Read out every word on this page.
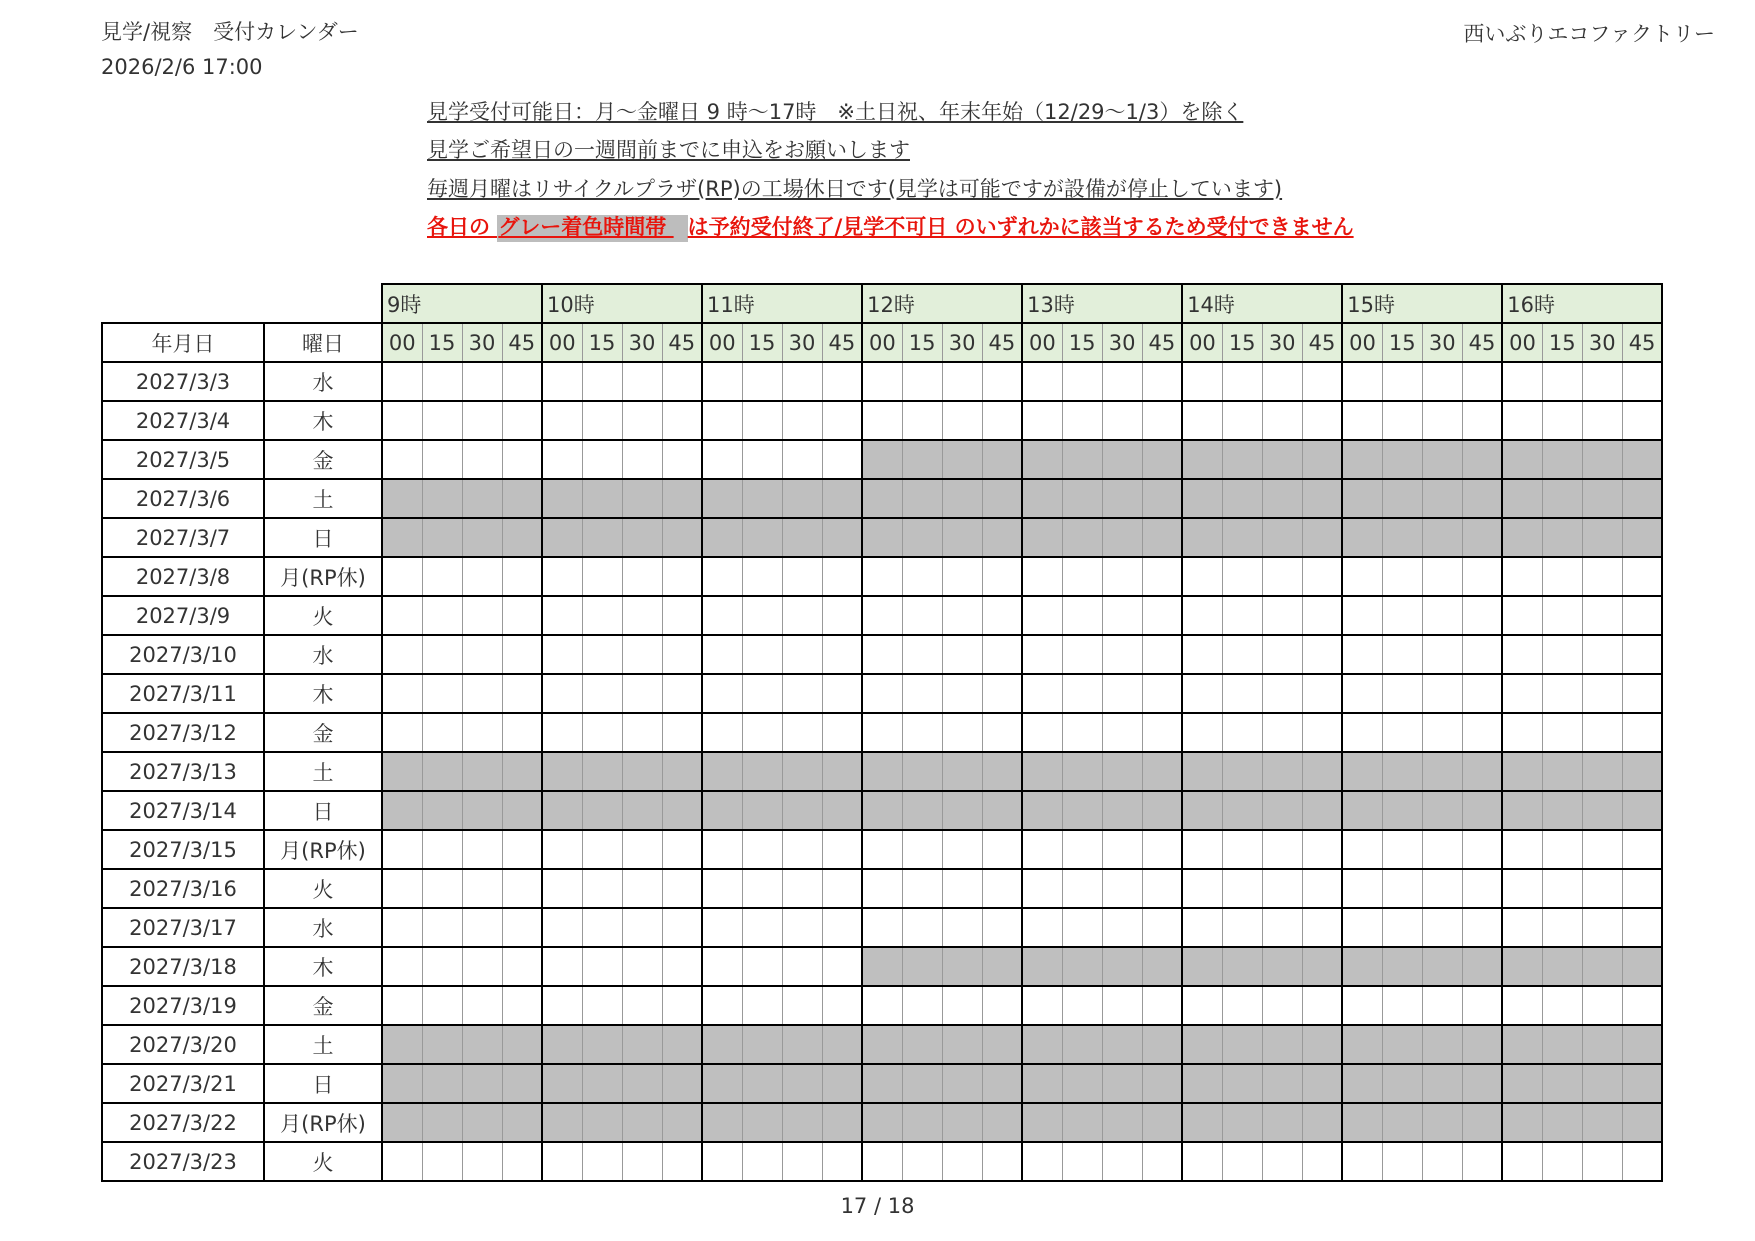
見学/視察　受付カレンダー
2026/2/6 17:00
西いぶりエコファクトリー
見学受付可能日：月～金曜日 9 時～17時　※土日祝、年末年始（12/29～1/3）を除く
見学ご希望日の一週間前までに申込をお願いします
毎週月曜はリサイクルプラザ(RP)の工場休日です(見学は可能ですが設備が停止しています)
各日の グレー着色時間帯 は予約受付終了/見学不可日 のいずれかに該当するため受付できません
		9時				10時				11時				12時				13時				14時				15時				16時			
年月日	曜日	00	15	30	45	00	15	30	45	00	15	30	45	00	15	30	45	00	15	30	45	00	15	30	45	00	15	30	45	00	15	30	45
2027/3/3	水																																
2027/3/4	木																																
2027/3/5	金																																
2027/3/6	土																																
2027/3/7	日																																
2027/3/8	月(RP休)																																
2027/3/9	火																																
2027/3/10	水																																
2027/3/11	木																																
2027/3/12	金																																
2027/3/13	土																																
2027/3/14	日																																
2027/3/15	月(RP休)																																
2027/3/16	火																																
2027/3/17	水																																
2027/3/18	木																																
2027/3/19	金																																
2027/3/20	土																																
2027/3/21	日																																
2027/3/22	月(RP休)																																
2027/3/23	火																																
17 / 18
